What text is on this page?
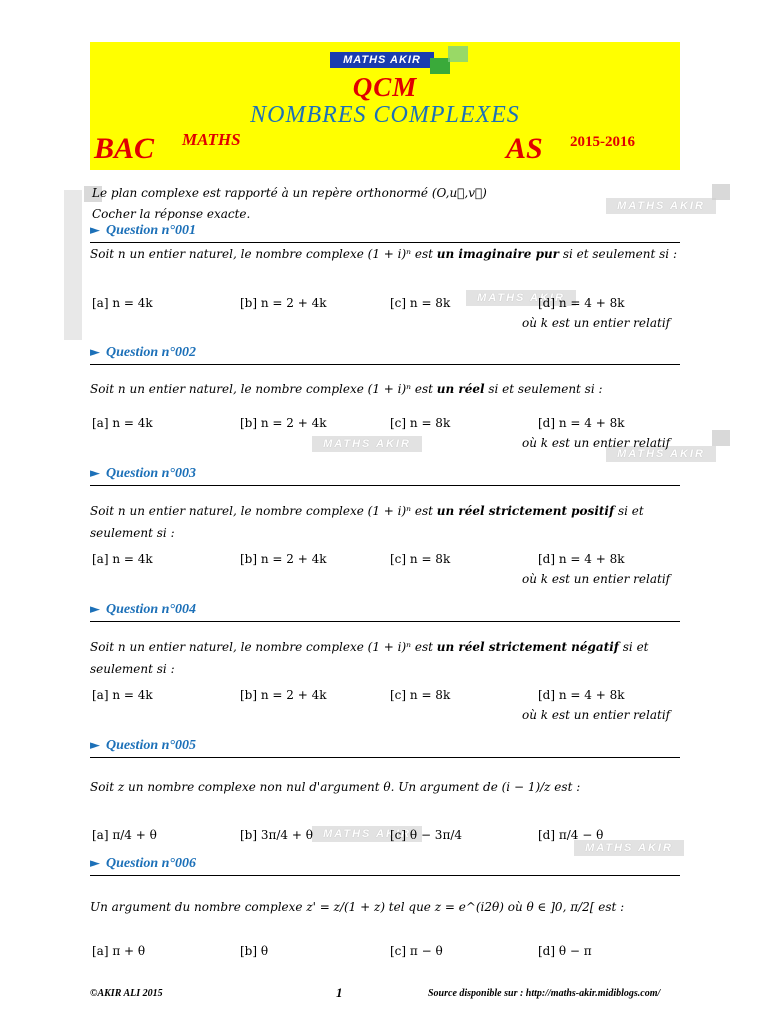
MATHS AKIR
QCM
NOMBRES COMPLEXES
BAC MATHS	AS 2015-2016
MATHS AKIR
MATHS AKIR
MATHS AKIR
MATHS AKIR
MATHS AKIR
MATHS AKIR
Le plan complexe est rapporté à un repère orthonormé (O,u⃗,v⃗)
Cocher la réponse exacte.
► Question n°001
Soit n un entier naturel, le nombre complexe (1 + i)ⁿ est un imaginaire pur si et seulement si :
[a] n = 4k	[b] n = 2 + 4k	[c] n = 8k	[d] n = 4 + 8k
où k est un entier relatif
► Question n°002
Soit n un entier naturel, le nombre complexe (1 + i)ⁿ est un réel si et seulement si :
[a] n = 4k	[b] n = 2 + 4k	[c] n = 8k	[d] n = 4 + 8k
où k est un entier relatif
► Question n°003
Soit n un entier naturel, le nombre complexe (1 + i)ⁿ est un réel strictement positif si et seulement si :
[a] n = 4k	[b] n = 2 + 4k	[c] n = 8k	[d] n = 4 + 8k
où k est un entier relatif
► Question n°004
Soit n un entier naturel, le nombre complexe (1 + i)ⁿ est un réel strictement négatif si et seulement si :
[a] n = 4k	[b] n = 2 + 4k	[c] n = 8k	[d] n = 4 + 8k
où k est un entier relatif
► Question n°005
Soit z un nombre complexe non nul d'argument θ. Un argument de (i − 1)/z est :
[a] π/4 + θ	[b] 3π/4 + θ	[c] θ − 3π/4	[d] π/4 − θ
► Question n°006
Un argument du nombre complexe z' = z/(1 + z) tel que z = e^(i2θ) où θ ∈ ]0, π/2[ est :
[a] π + θ	[b] θ	[c] π − θ	[d] θ − π
©AKIR ALI 2015	1	Source disponible sur : http://maths-akir.midiblogs.com/
